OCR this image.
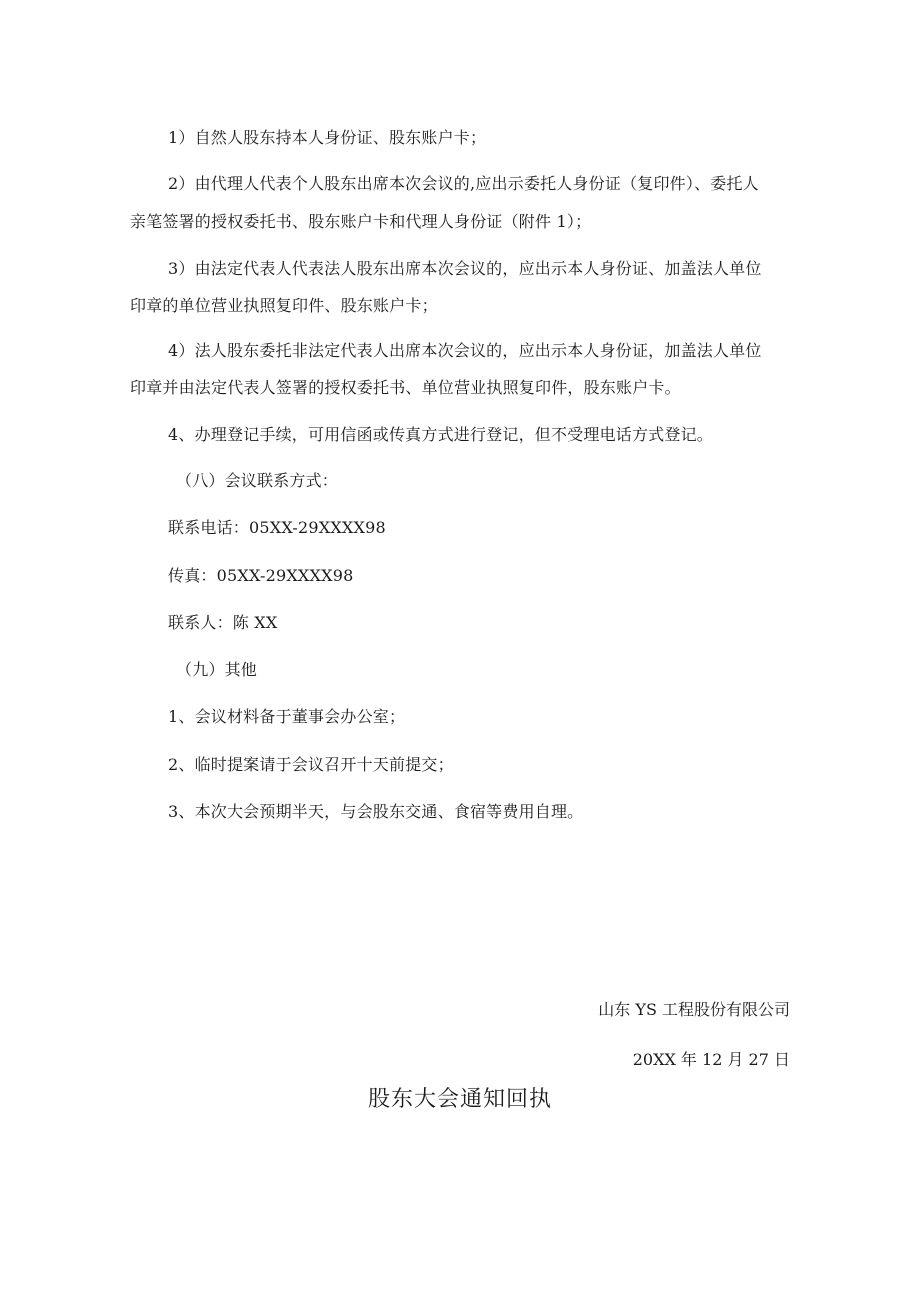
1）自然人股东持本人身份证、股东账户卡；
2）由代理人代表个人股东出席本次会议的,应出示委托人身份证（复印件）、委托人
亲笔签署的授权委托书、股东账户卡和代理人身份证（附件 1）；
3）由法定代表人代表法人股东出席本次会议的，应出示本人身份证、加盖法人单位
印章的单位营业执照复印件、股东账户卡；
4）法人股东委托非法定代表人出席本次会议的，应出示本人身份证，加盖法人单位
印章并由法定代表人签署的授权委托书、单位营业执照复印件，股东账户卡。
4、办理登记手续，可用信函或传真方式进行登记，但不受理电话方式登记。
（八）会议联系方式：
联系电话：05XX-29XXXX98
传真：05XX-29XXXX98
联系人：陈 XX
（九）其他
1、会议材料备于董事会办公室；
2、临时提案请于会议召开十天前提交；
3、本次大会预期半天，与会股东交通、食宿等费用自理。
山东 YS 工程股份有限公司
20XX 年 12 月 27 日
股东大会通知回执
